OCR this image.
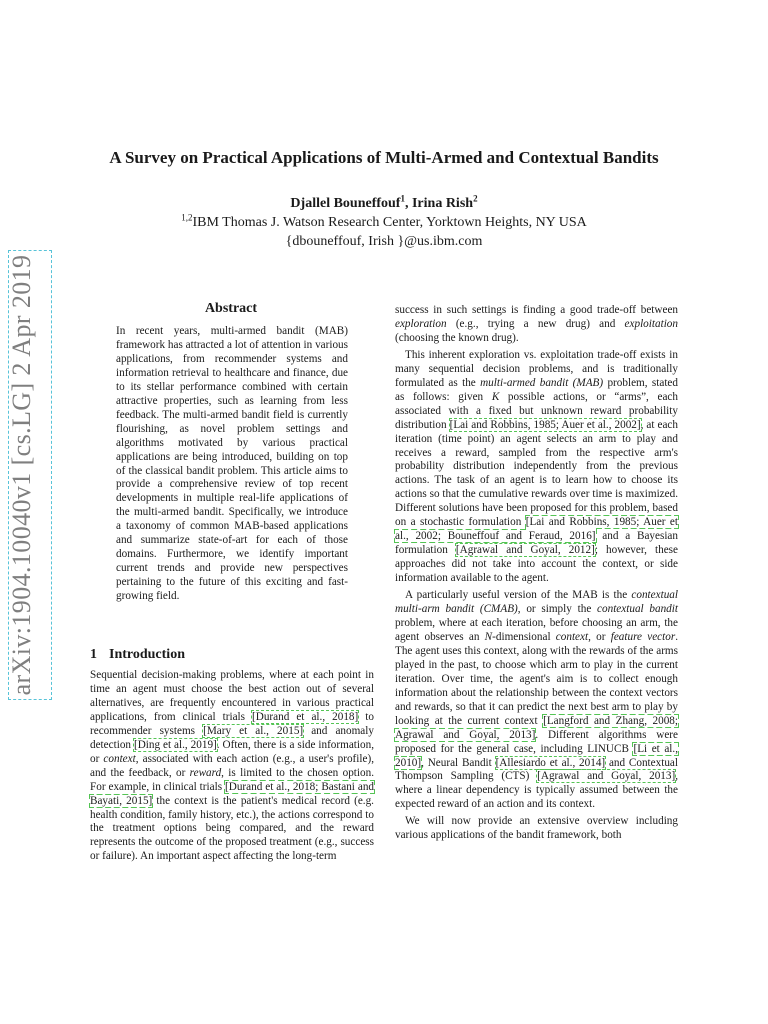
arXiv:1904.10040v1 [cs.LG] 2 Apr 2019
A Survey on Practical Applications of Multi-Armed and Contextual Bandits
Djallel Bouneffouf$^1$, Irina Rish$^2$
$^{1,2}$IBM Thomas J. Watson Research Center, Yorktown Heights, NY USA
{dbouneffouf, Irish }@us.ibm.com
Abstract
In recent years, multi-armed bandit (MAB) framework has attracted a lot of attention in various applications, from recommender systems and information retrieval to healthcare and finance, due to its stellar performance combined with certain attractive properties, such as learning from less feedback. The multi-armed bandit field is currently flourishing, as novel problem settings and algorithms motivated by various practical applications are being introduced, building on top of the classical bandit problem. This article aims to provide a comprehensive review of top recent developments in multiple real-life applications of the multi-armed bandit. Specifically, we introduce a taxonomy of common MAB-based applications and summarize state-of-art for each of those domains. Furthermore, we identify important current trends and provide new perspectives pertaining to the future of this exciting and fast-growing field.
1 Introduction

Sequential decision-making problems, where at each point in time an agent must choose the best action out of several alternatives, are frequently encountered in various practical applications, from clinical trials [Durand et al., 2018] to recommender systems [Mary et al., 2015] and anomaly detection [Ding et al., 2019]. Often, there is a side information, or context, associated with each action (e.g., a user's profile), and the feedback, or reward, is limited to the chosen option. For example, in clinical trials [Durand et al., 2018; Bastani and Bayati, 2015] the context is the patient's medical record (e.g. health condition, family history, etc.), the actions correspond to the treatment options being compared, and the reward represents the outcome of the proposed treatment (e.g., success or failure). An important aspect affecting the long-term

success in such settings is finding a good trade-off between exploration (e.g., trying a new drug) and exploitation (choosing the known drug).

This inherent exploration vs. exploitation trade-off exists in many sequential decision problems, and is traditionally formulated as the multi-armed bandit (MAB) problem, stated as follows: given K possible actions, or “arms”, each associated with a fixed but unknown reward probability distribution [Lai and Robbins, 1985; Auer et al., 2002], at each iteration (time point) an agent selects an arm to play and receives a reward, sampled from the respective arm's probability distribution independently from the previous actions. The task of an agent is to learn how to choose its actions so that the cumulative rewards over time is maximized. Different solutions have been proposed for this problem, based on a stochastic formulation [Lai and Robbins, 1985; Auer et al., 2002; Bouneffouf and Feraud, 2016] and a Bayesian formulation [Agrawal and Goyal, 2012]; however, these approaches did not take into account the context, or side information available to the agent.

A particularly useful version of the MAB is the contextual multi-arm bandit (CMAB), or simply the contextual bandit problem, where at each iteration, before choosing an arm, the agent observes an N-dimensional context, or feature vector. The agent uses this context, along with the rewards of the arms played in the past, to choose which arm to play in the current iteration. Over time, the agent's aim is to collect enough information about the relationship between the context vectors and rewards, so that it can predict the next best arm to play by looking at the current context [Langford and Zhang, 2008; Agrawal and Goyal, 2013]. Different algorithms were proposed for the general case, including LINUCB [Li et al., 2010], Neural Bandit [Allesiardo et al., 2014] and Contextual Thompson Sampling (CTS) [Agrawal and Goyal, 2013], where a linear dependency is typically assumed between the expected reward of an action and its context.

We will now provide an extensive overview including various applications of the bandit framework, both
